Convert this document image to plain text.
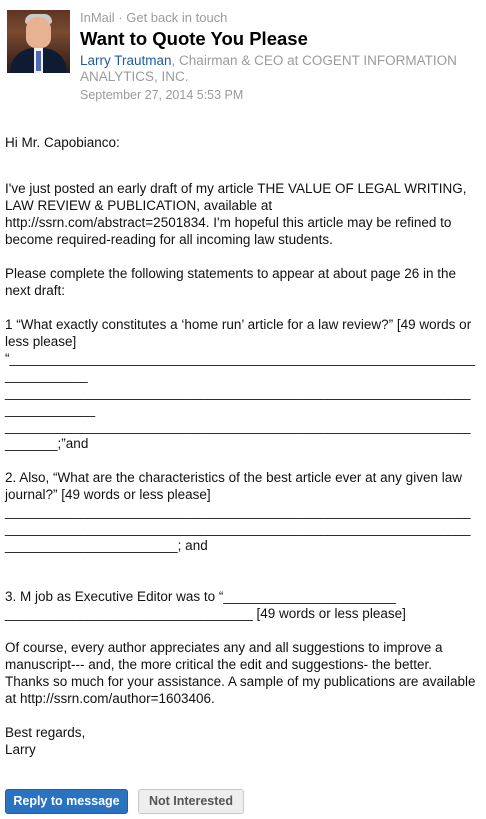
InMail · Get back in touch
Want to Quote You Please
Larry Trautman, Chairman & CEO at COGENT INFORMATION ANALYTICS, INC.
September 27, 2014 5:53 PM

Hi Mr. Capobianco:

I've just posted an early draft of my article THE VALUE OF LEGAL WRITING, LAW REVIEW & PUBLICATION, available at http://ssrn.com/abstract=2501834. I'm hopeful this article may be refined to become required-reading for all incoming law students.

Please complete the following statements to appear at about page 26 in the next draft:

1 “What exactly constitutes a ‘home run’ article for a law review?” [49 words or less please]
“______________________________________________________________
___________
______________________________________________________________
____________
______________________________________________________________
_______;”and

2. Also, “What are the characteristics of the best article ever at any given law journal?” [49 words or less please]
______________________________________________________________
______________________________________________________________
_______________________; and

3. M job as Executive Editor was to “_______________________
_________________________________ [49 words or less please]

Of course, every author appreciates any and all suggestions to improve a manuscript--- and, the more critical the edit and suggestions- the better. Thanks so much for your assistance. A sample of my publications are available at http://ssrn.com/author=1603406.

Best regards,
Larry

Reply to message	Not Interested
